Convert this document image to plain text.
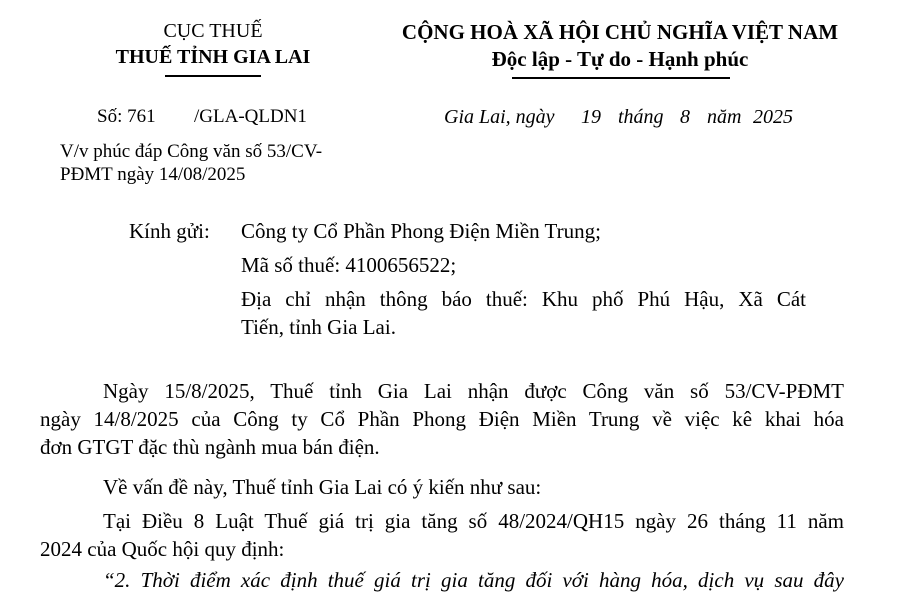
CỤC THUẾ
THUẾ TỈNH GIA LAI
CỘNG HOÀ XÃ HỘI CHỦ NGHĨA VIỆT NAM
Độc lập - Tự do - Hạnh phúc
Số: 761 /GLA-QLDN1	Gia Lai, ngày 19 tháng 8 năm 2025
V/v phúc đáp Công văn số 53/CV-
PĐMT ngày 14/08/2025
Kính gửi: Công ty Cổ Phần Phong Điện Miền Trung;
Mã số thuế: 4100656522;
Địa chỉ nhận thông báo thuế: Khu phố Phú Hậu, Xã Cát
Tiến, tỉnh Gia Lai.
Ngày 15/8/2025, Thuế tỉnh Gia Lai nhận được Công văn số 53/CV-PĐMT
ngày 14/8/2025 của Công ty Cổ Phần Phong Điện Miền Trung về việc kê khai hóa
đơn GTGT đặc thù ngành mua bán điện.
Về vấn đề này, Thuế tỉnh Gia Lai có ý kiến như sau:
Tại Điều 8 Luật Thuế giá trị gia tăng số 48/2024/QH15 ngày 26 tháng 11 năm
2024 của Quốc hội quy định:
“2. Thời điểm xác định thuế giá trị gia tăng đối với hàng hóa, dịch vụ sau đây
